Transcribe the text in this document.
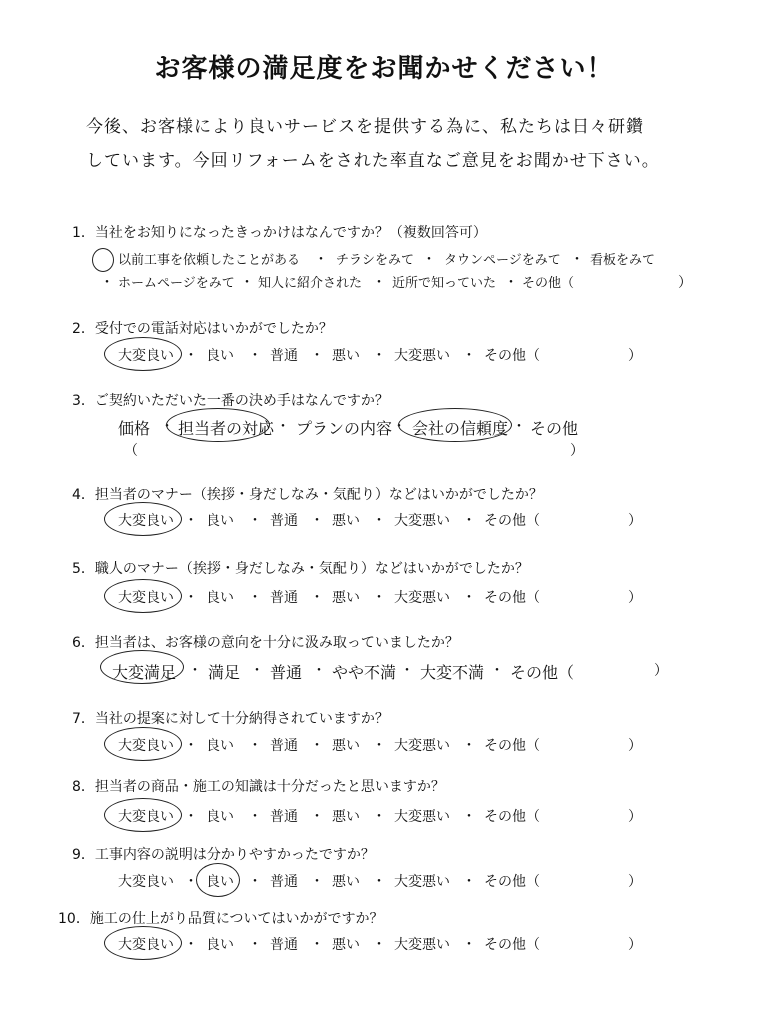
お客様の満足度をお聞かせください！
今後、お客様により良いサービスを提供する為に、私たちは日々研鑽
しています。今回リフォームをされた率直なご意見をお聞かせ下さい。
1．当社をお知りになったきっかけはなんですか？（複数回答可）
以前工事を依頼したことがある ・ チラシをみて ・ タウンページをみて ・ 看板をみて
・ ホームページをみて ・ 知人に紹介された ・ 近所で知っていた ・ その他（	）
2．受付での電話対応はいかがでしたか？
大変良い 良い	普通 悪い 大変悪い その他（
・	・	・	・	・	）
3．ご契約いただいた一番の決め手はなんですか？
価格 ・ 担当者の対応 ・ プランの内容 ・ 会社の信頼度 ・ その他
（	）
4．担当者のマナー（挨拶・身だしなみ・気配り）などはいかがでしたか？
大変良い 良い	普通 悪い 大変悪い その他（
・	・	・	・	・	）
5．職人のマナー（挨拶・身だしなみ・気配り）などはいかがでしたか？
大変良い 良い	普通 悪い 大変悪い その他（
・	・	・	・	・	）
6．担当者は、お客様の意向を十分に汲み取っていましたか？
大変満足 ・ 満足 ・ 普通 ・ やや不満 ・ 大変不満 ・ その他（	）
7．当社の提案に対して十分納得されていますか？
大変良い 良い	普通 悪い 大変悪い その他（
・	・	・	・	・	）
8．担当者の商品・施工の知識は十分だったと思いますか？
大変良い 良い	普通 悪い 大変悪い その他（
・	・	・	・	・	）
9．工事内容の説明は分かりやすかったですか？
大変良い 良い	普通 悪い 大変悪い その他（
・	・	・	・	・	）
10．施工の仕上がり品質についてはいかがですか？
大変良い 良い	普通 悪い 大変悪い その他（
・	・	・	・	・	）
